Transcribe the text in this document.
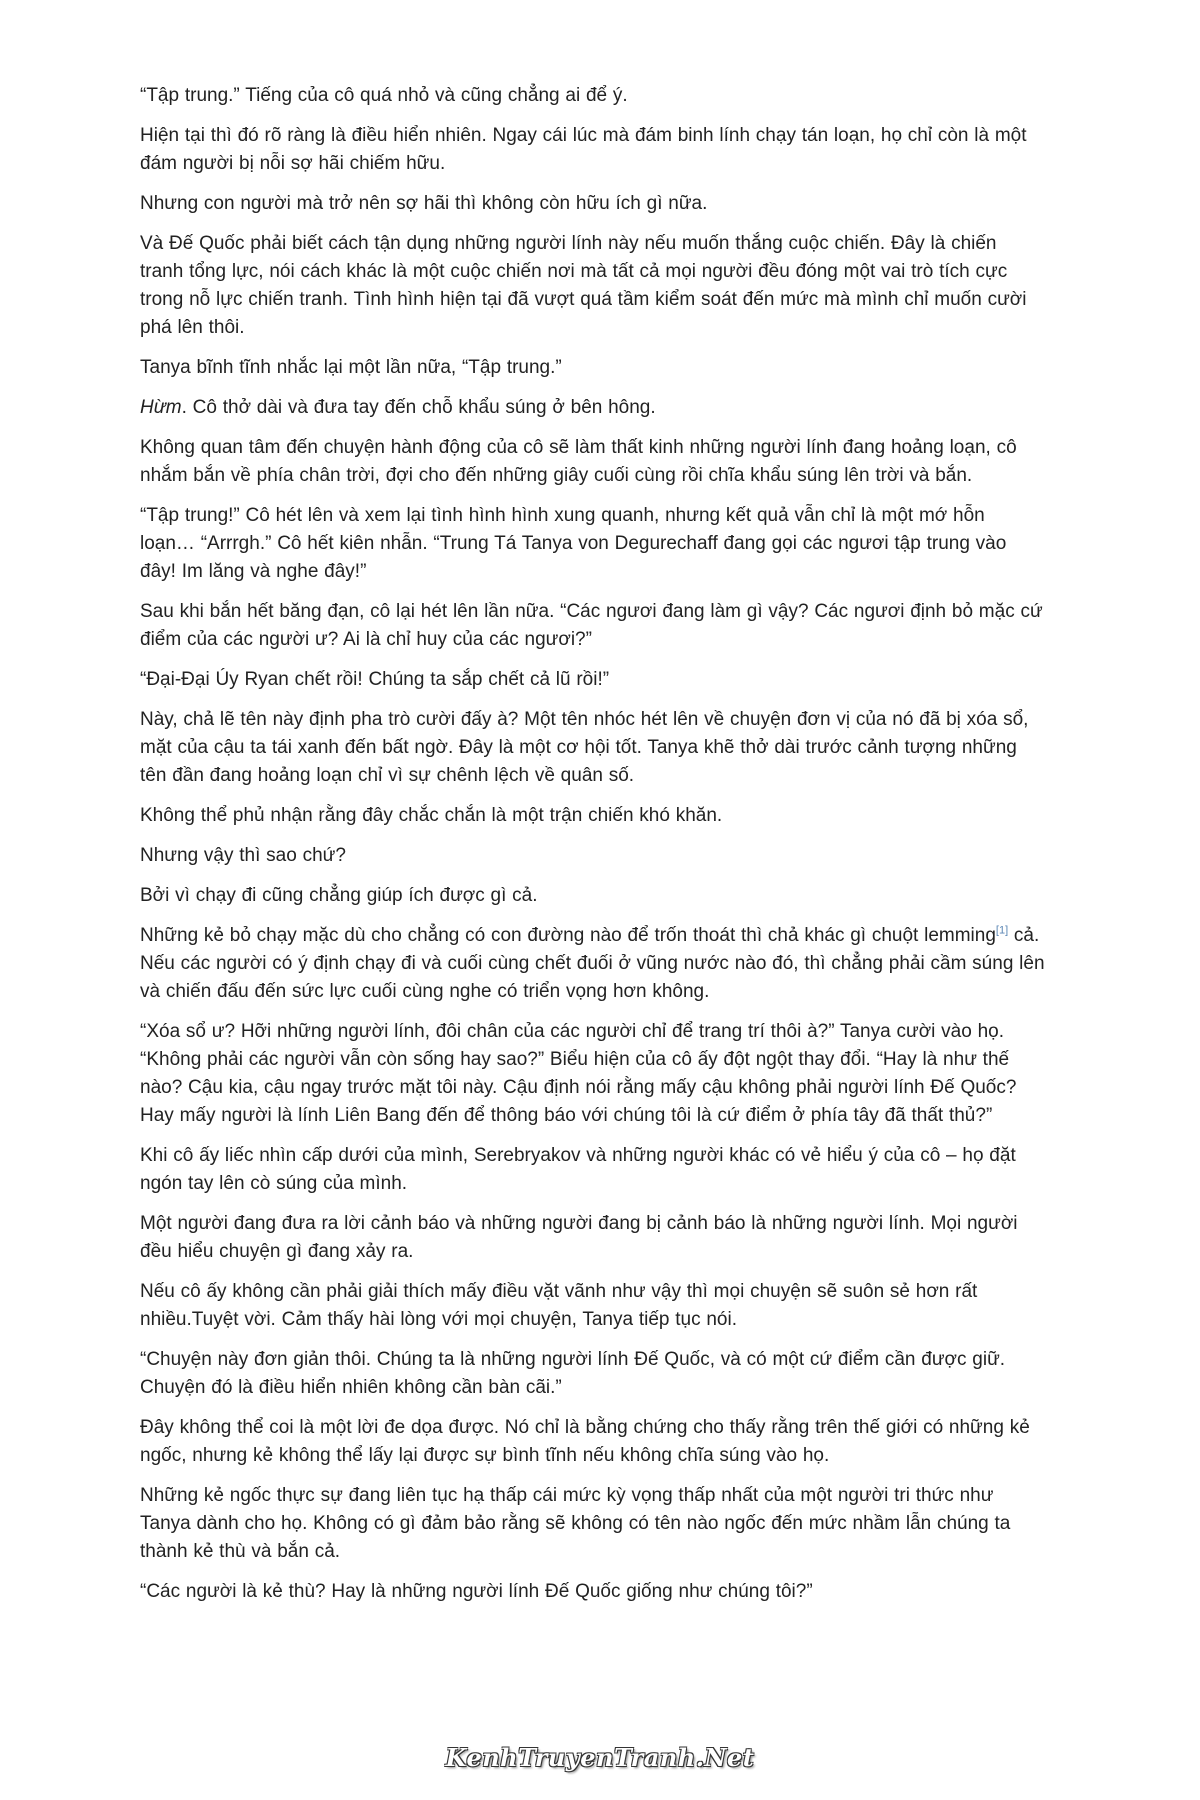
“Tập trung.” Tiếng của cô quá nhỏ và cũng chẳng ai để ý.

Hiện tại thì đó rõ ràng là điều hiển nhiên. Ngay cái lúc mà đám binh lính chạy tán loạn, họ chỉ còn là một đám người bị nỗi sợ hãi chiếm hữu.

Nhưng con người mà trở nên sợ hãi thì không còn hữu ích gì nữa.

Và Đế Quốc phải biết cách tận dụng những người lính này nếu muốn thắng cuộc chiến. Đây là chiến tranh tổng lực, nói cách khác là một cuộc chiến nơi mà tất cả mọi người đều đóng một vai trò tích cực trong nỗ lực chiến tranh. Tình hình hiện tại đã vượt quá tầm kiểm soát đến mức mà mình chỉ muốn cười phá lên thôi.

Tanya bĩnh tĩnh nhắc lại một lần nữa, “Tập trung.”

Hừm. Cô thở dài và đưa tay đến chỗ khẩu súng ở bên hông.

Không quan tâm đến chuyện hành động của cô sẽ làm thất kinh những người lính đang hoảng loạn, cô nhắm bắn về phía chân trời, đợi cho đến những giây cuối cùng rồi chĩa khẩu súng lên trời và bắn.

“Tập trung!” Cô hét lên và xem lại tình hình hình xung quanh, nhưng kết quả vẫn chỉ là một mớ hỗn loạn… “Arrrgh.” Cô hết kiên nhẫn. “Trung Tá Tanya von Degurechaff đang gọi các ngươi tập trung vào đây! Im lăng và nghe đây!”

Sau khi bắn hết băng đạn, cô lại hét lên lần nữa. “Các ngươi đang làm gì vậy? Các ngươi định bỏ mặc cứ điểm của các người ư? Ai là chỉ huy của các ngươi?”

“Đại-Đại Úy Ryan chết rồi! Chúng ta sắp chết cả lũ rồi!”

Này, chả lẽ tên này định pha trò cười đấy à? Một tên nhóc hét lên về chuyện đơn vị của nó đã bị xóa sổ, mặt của cậu ta tái xanh đến bất ngờ. Đây là một cơ hội tốt. Tanya khẽ thở dài trước cảnh tượng những tên đần đang hoảng loạn chỉ vì sự chênh lệch về quân số.

Không thể phủ nhận rằng đây chắc chắn là một trận chiến khó khăn.

Nhưng vậy thì sao chứ?

Bởi vì chạy đi cũng chẳng giúp ích được gì cả.

Những kẻ bỏ chạy mặc dù cho chẳng có con đường nào để trốn thoát thì chả khác gì chuột lemming[1] cả. Nếu các người có ý định chạy đi và cuối cùng chết đuối ở vũng nước nào đó, thì chẳng phải cầm súng lên và chiến đấu đến sức lực cuối cùng nghe có triển vọng hơn không.

“Xóa sổ ư? Hỡi những người lính, đôi chân của các người chỉ để trang trí thôi à?” Tanya cười vào họ. “Không phải các người vẫn còn sống hay sao?” Biểu hiện của cô ấy đột ngột thay đổi. “Hay là như thế nào? Cậu kia, cậu ngay trước mặt tôi này. Cậu định nói rằng mấy cậu không phải người lính Đế Quốc? Hay mấy người là lính Liên Bang đến để thông báo với chúng tôi là cứ điểm ở phía tây đã thất thủ?”

Khi cô ấy liếc nhìn cấp dưới của mình, Serebryakov và những người khác có vẻ hiểu ý của cô – họ đặt ngón tay lên cò súng của mình.

Một người đang đưa ra lời cảnh báo và những người đang bị cảnh báo là những người lính. Mọi người đều hiểu chuyện gì đang xảy ra.

Nếu cô ấy không cần phải giải thích mấy điều vặt vãnh như vậy thì mọi chuyện sẽ suôn sẻ hơn rất nhiều.Tuyệt vời. Cảm thấy hài lòng với mọi chuyện, Tanya tiếp tục nói.

“Chuyện này đơn giản thôi. Chúng ta là những người lính Đế Quốc, và có một cứ điểm cần được giữ. Chuyện đó là điều hiển nhiên không cần bàn cãi.”

Đây không thể coi là một lời đe dọa được. Nó chỉ là bằng chứng cho thấy rằng trên thế giới có những kẻ ngốc, nhưng kẻ không thể lấy lại được sự bình tĩnh nếu không chĩa súng vào họ.

Những kẻ ngốc thực sự đang liên tục hạ thấp cái mức kỳ vọng thấp nhất của một người tri thức như Tanya dành cho họ. Không có gì đảm bảo rằng sẽ không có tên nào ngốc đến mức nhầm lẫn chúng ta thành kẻ thù và bắn cả.

“Các người là kẻ thù? Hay là những người lính Đế Quốc giống như chúng tôi?”

KenhTruyenTranh.Net
